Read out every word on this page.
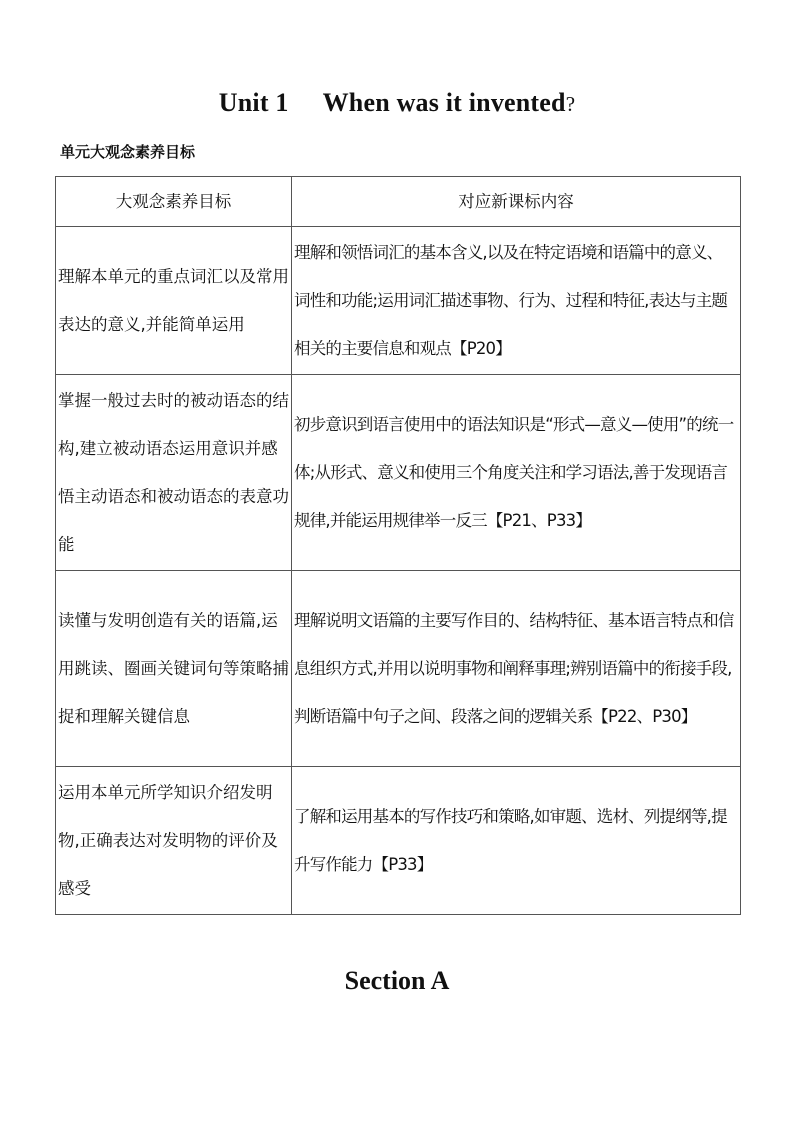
Unit 1 When was it invented?
单元大观念素养目标
大观念素养目标	对应新课标内容
理解本单元的重点词汇以及常用表达的意义,并能简单运用	理解和领悟词汇的基本含义,以及在特定语境和语篇中的意义、词性和功能;运用词汇描述事物、行为、过程和特征,表达与主题相关的主要信息和观点【P20】
掌握一般过去时的被动语态的结构,建立被动语态运用意识并感悟主动语态和被动语态的表意功能	初步意识到语言使用中的语法知识是“形式—意义—使用”的统一体;从形式、意义和使用三个角度关注和学习语法,善于发现语言规律,并能运用规律举一反三【P21、P33】
读懂与发明创造有关的语篇,运用跳读、圈画关键词句等策略捕捉和理解关键信息	理解说明文语篇的主要写作目的、结构特征、基本语言特点和信息组织方式,并用以说明事物和阐释事理;辨别语篇中的衔接手段,判断语篇中句子之间、段落之间的逻辑关系【P22、P30】
运用本单元所学知识介绍发明物,正确表达对发明物的评价及感受	了解和运用基本的写作技巧和策略,如审题、选材、列提纲等,提升写作能力【P33】
Section A
